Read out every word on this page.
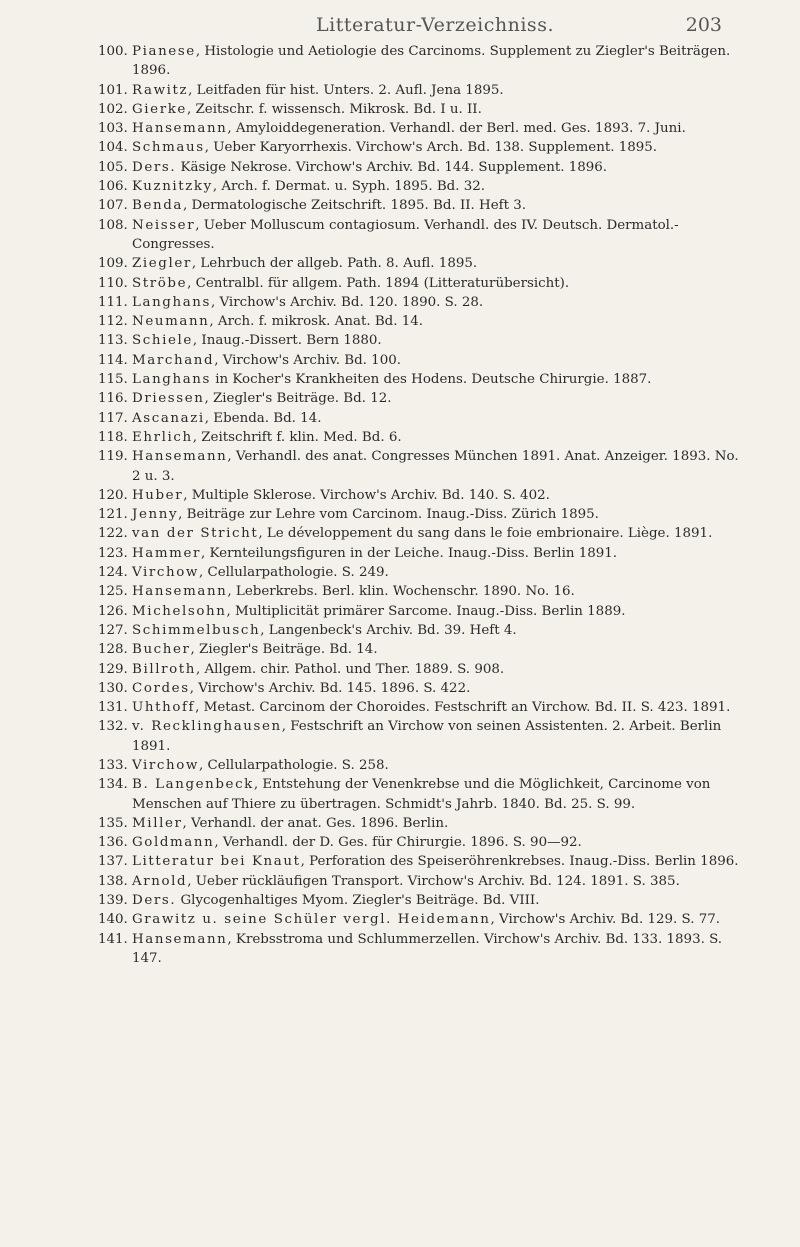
Litteratur-Verzeichniss.	203
100. Pianese, Histologie und Aetiologie des Carcinoms. Supplement zu Ziegler's Beiträgen. 1896.
101. Rawitz, Leitfaden für hist. Unters. 2. Aufl. Jena 1895.
102. Gierke, Zeitschr. f. wissensch. Mikrosk. Bd. I u. II.
103. Hansemann, Amyloiddegeneration. Verhandl. der Berl. med. Ges. 1893. 7. Juni.
104. Schmaus, Ueber Karyorrhexis. Virchow's Arch. Bd. 138. Supplement. 1895.
105. Ders. Käsige Nekrose. Virchow's Archiv. Bd. 144. Supplement. 1896.
106. Kuznitzky, Arch. f. Dermat. u. Syph. 1895. Bd. 32.
107. Benda, Dermatologische Zeitschrift. 1895. Bd. II. Heft 3.
108. Neisser, Ueber Molluscum contagiosum. Verhandl. des IV. Deutsch. Dermatol.-Congresses.
109. Ziegler, Lehrbuch der allgeb. Path. 8. Aufl. 1895.
110. Ströbe, Centralbl. für allgem. Path. 1894 (Litteraturübersicht).
111. Langhans, Virchow's Archiv. Bd. 120. 1890. S. 28.
112. Neumann, Arch. f. mikrosk. Anat. Bd. 14.
113. Schiele, Inaug.-Dissert. Bern 1880.
114. Marchand, Virchow's Archiv. Bd. 100.
115. Langhans in Kocher's Krankheiten des Hodens. Deutsche Chirurgie. 1887.
116. Driessen, Ziegler's Beiträge. Bd. 12.
117. Ascanazi, Ebenda. Bd. 14.
118. Ehrlich, Zeitschrift f. klin. Med. Bd. 6.
119. Hansemann, Verhandl. des anat. Congresses München 1891. Anat. Anzeiger. 1893. No. 2 u. 3.
120. Huber, Multiple Sklerose. Virchow's Archiv. Bd. 140. S. 402.
121. Jenny, Beiträge zur Lehre vom Carcinom. Inaug.-Diss. Zürich 1895.
122. van der Stricht, Le développement du sang dans le foie embrionaire. Liège. 1891.
123. Hammer, Kernteilungsfiguren in der Leiche. Inaug.-Diss. Berlin 1891.
124. Virchow, Cellularpathologie. S. 249.
125. Hansemann, Leberkrebs. Berl. klin. Wochenschr. 1890. No. 16.
126. Michelsohn, Multiplicität primärer Sarcome. Inaug.-Diss. Berlin 1889.
127. Schimmelbusch, Langenbeck's Archiv. Bd. 39. Heft 4.
128. Bucher, Ziegler's Beiträge. Bd. 14.
129. Billroth, Allgem. chir. Pathol. und Ther. 1889. S. 908.
130. Cordes, Virchow's Archiv. Bd. 145. 1896. S. 422.
131. Uhthoff, Metast. Carcinom der Choroides. Festschrift an Virchow. Bd. II. S. 423. 1891.
132. v. Recklinghausen, Festschrift an Virchow von seinen Assistenten. 2. Arbeit. Berlin 1891.
133. Virchow, Cellularpathologie. S. 258.
134. B. Langenbeck, Entstehung der Venenkrebse und die Möglichkeit, Carcinome von Menschen auf Thiere zu übertragen. Schmidt's Jahrb. 1840. Bd. 25. S. 99.
135. Miller, Verhandl. der anat. Ges. 1896. Berlin.
136. Goldmann, Verhandl. der D. Ges. für Chirurgie. 1896. S. 90—92.
137. Litteratur bei Knaut, Perforation des Speiseröhrenkrebses. Inaug.-Diss. Berlin 1896.
138. Arnold, Ueber rückläufigen Transport. Virchow's Archiv. Bd. 124. 1891. S. 385.
139. Ders. Glycogenhaltiges Myom. Ziegler's Beiträge. Bd. VIII.
140. Grawitz u. seine Schüler vergl. Heidemann, Virchow's Archiv. Bd. 129. S. 77.
141. Hansemann, Krebsstroma und Schlummerzellen. Virchow's Archiv. Bd. 133. 1893. S. 147.
